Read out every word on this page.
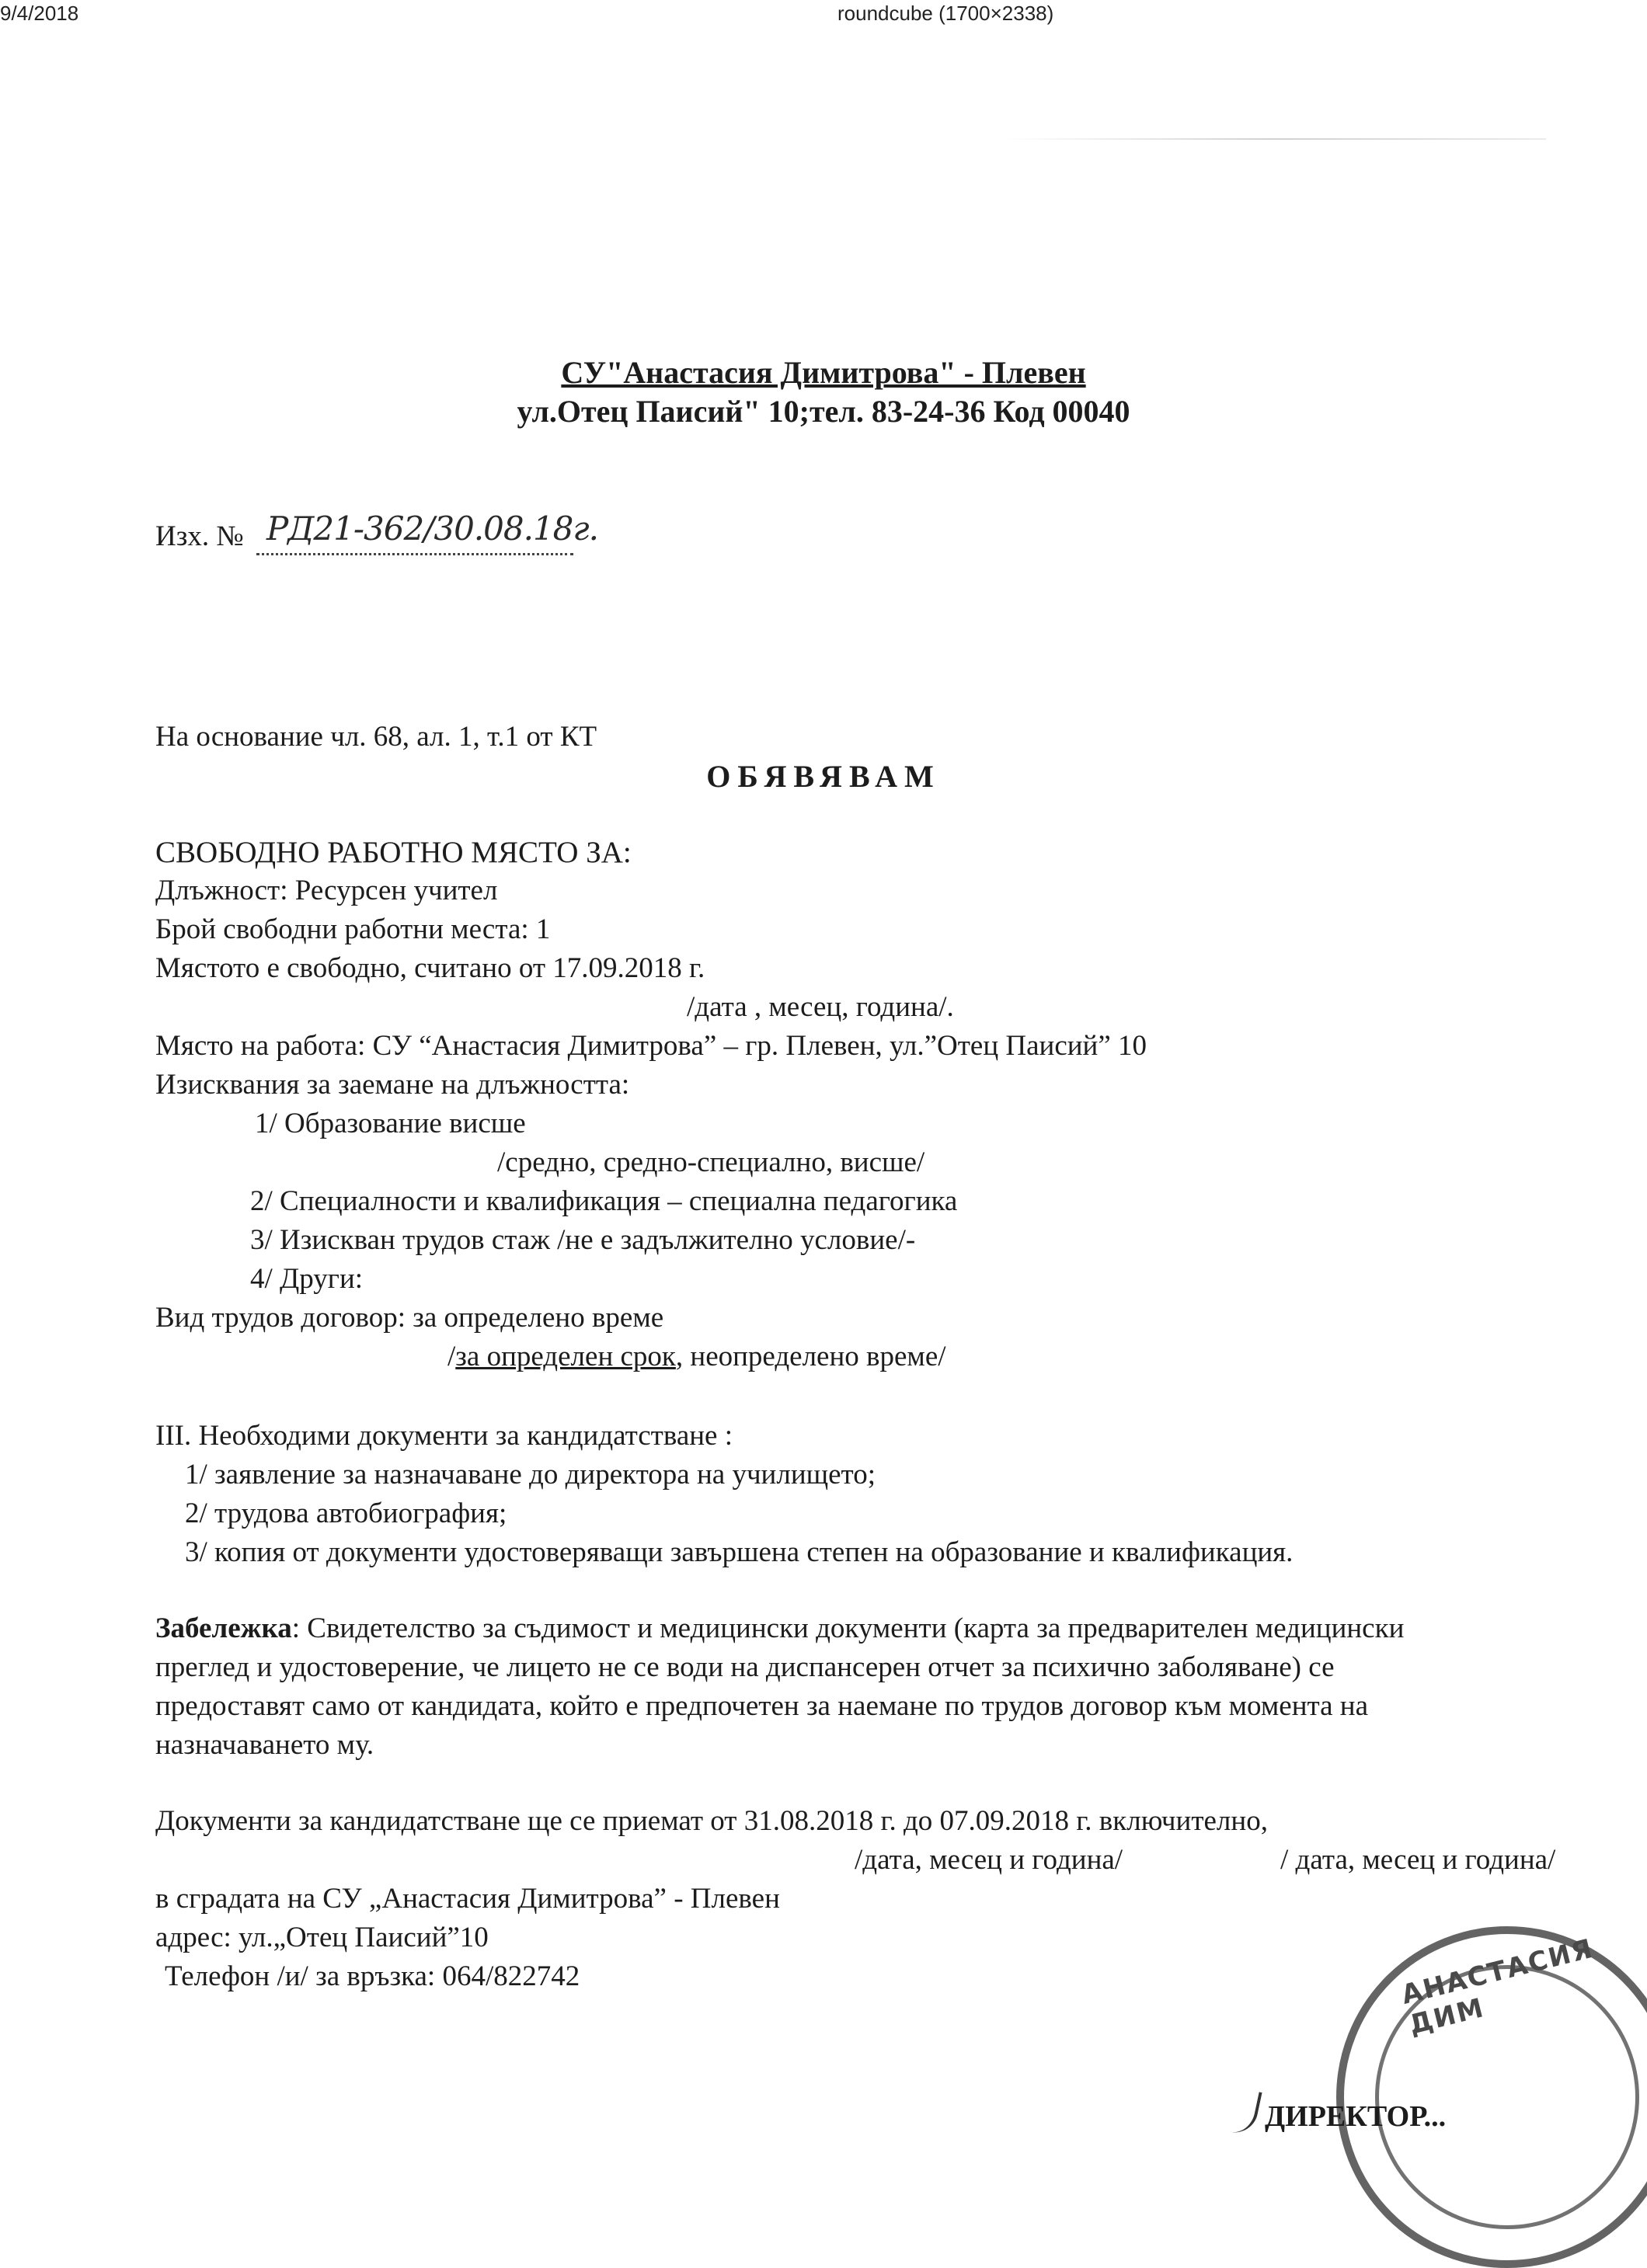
9/4/2018	roundcube (1700×2338)
СУ"Анастасия Димитрова" - Плевен
ул.Отец Паисий" 10;тел. 83-24-36 Код 00040
Изх. № РД21-362/30.08.18г.
На основание чл. 68, ал. 1, т.1 от КТ
ОБЯВЯВАМ
СВОБОДНО РАБОТНО МЯСТО ЗА:
Длъжност: Ресурсен учител
Брой свободни работни места: 1
Мястото е свободно, считано от 17.09.2018 г.
/дата , месец, година/.
Място на работа: СУ “Анастасия Димитрова” – гр. Плевен, ул.”Отец Паисий” 10
Изисквания за заемане на длъжността:
1/ Образование висше
/средно, средно-специално, висше/
2/ Специалности и квалификация – специална педагогика
3/ Изискван трудов стаж /не е задължително условие/-
4/ Други:
Вид трудов договор: за определено време
/за определен срок, неопределено време/
III. Необходими документи за кандидатстване :
1/ заявление за назначаване до директора на училището;
2/ трудова автобиография;
3/ копия от документи удостоверяващи завършена степен на образование и квалификация.
Забележка: Свидетелство за съдимост и медицински документи (карта за предварителен медицински
преглед и удостоверение, че лицето не се води на диспансерен отчет за психично заболяване) се
предоставят само от кандидата, който е предпочетен за наемане по трудов договор към момента на
назначаването му.
Документи за кандидатстване ще се приемат от 31.08.2018 г. до 07.09.2018 г. включително,
/дата, месец и година/	/ дата, месец и година/
в сградата на СУ „Анастасия Димитрова” - Плевен
адрес: ул.„Отец Паисий”10
Телефон /и/ за връзка: 064/822742	АНАСТАСИЯ ДИМ
ДИРЕКТОР...
